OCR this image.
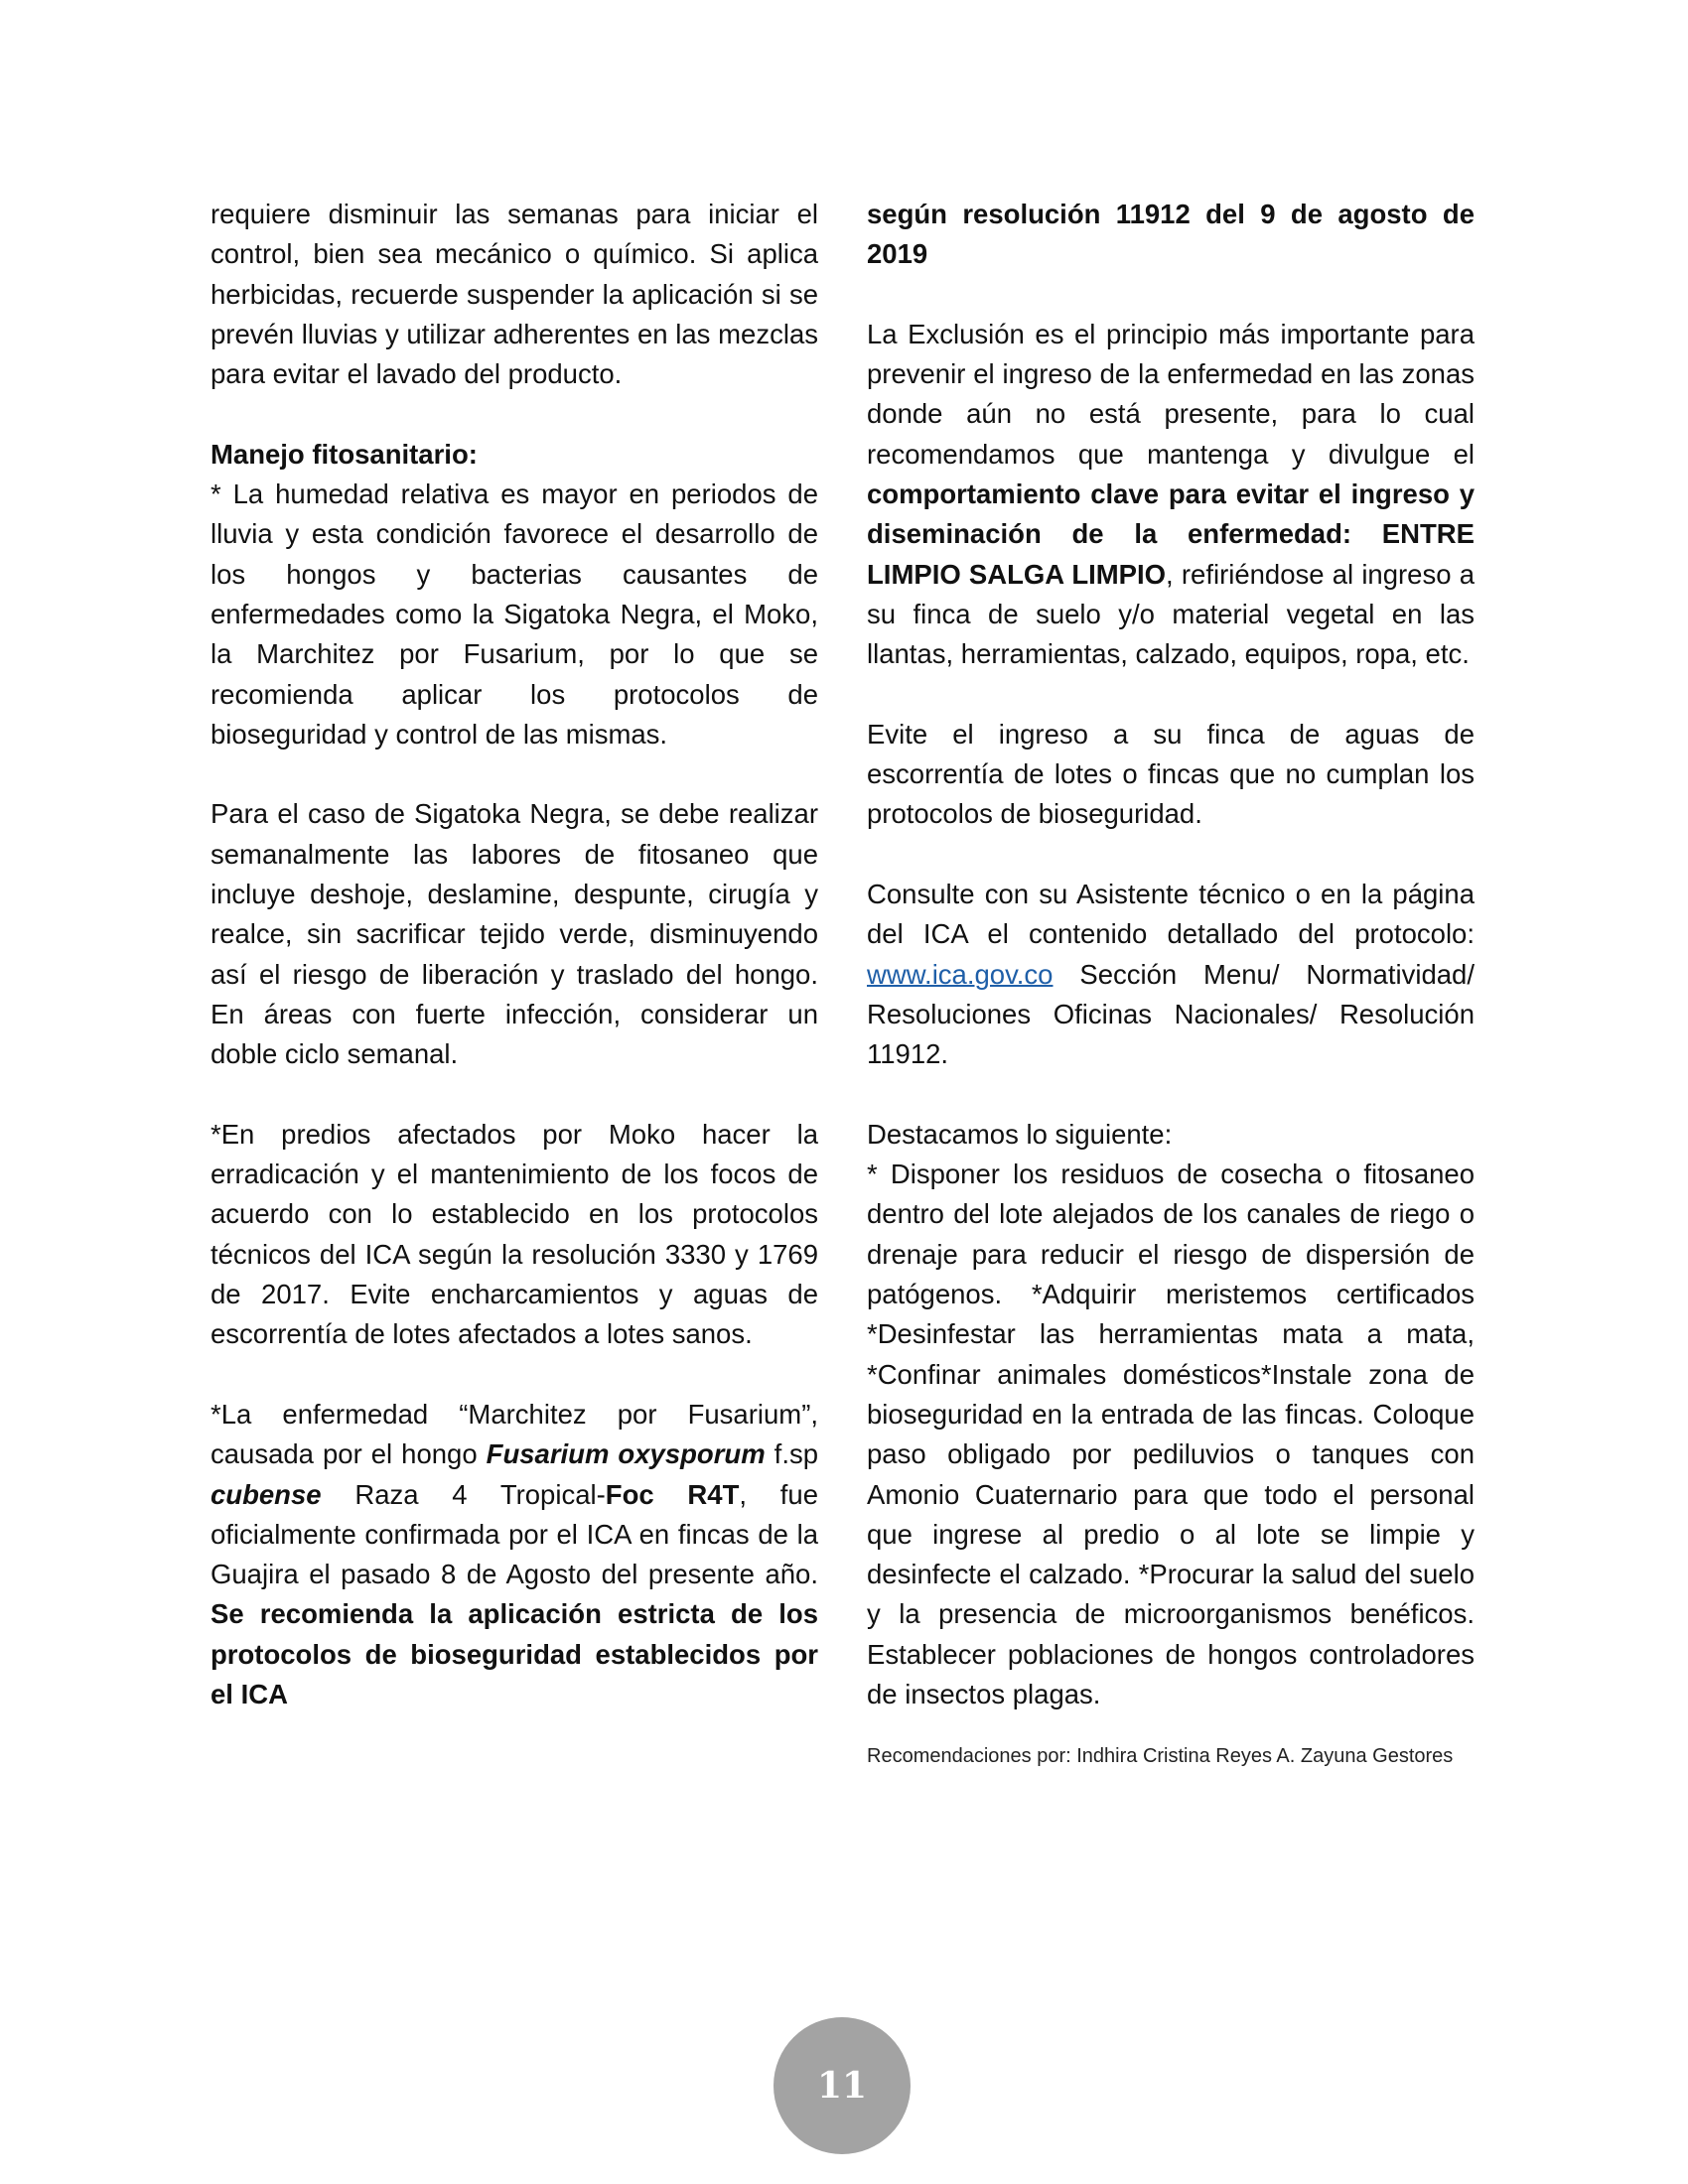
requiere disminuir las semanas para iniciar el control, bien sea mecánico o químico. Si aplica herbicidas, recuerde suspender la aplicación si se prevén lluvias y utilizar adherentes en las mezclas para evitar el lavado del producto.

Manejo fitosanitario:
* La humedad relativa es mayor en periodos de lluvia y esta condición favorece el desarrollo de los hongos y bacterias causantes de enfermedades como la Sigatoka Negra, el Moko, la Marchitez por Fusarium, por lo que se recomienda aplicar los protocolos de bioseguridad y control de las mismas.

Para el caso de Sigatoka Negra, se debe realizar semanalmente las labores de fitosaneo que incluye deshoje, deslamine, despunte, cirugía y realce, sin sacrificar tejido verde, disminuyendo así el riesgo de liberación y traslado del hongo. En áreas con fuerte infección, considerar un doble ciclo semanal.

*En predios afectados por Moko hacer la erradicación y el mantenimiento de los focos de acuerdo con lo establecido en los protocolos técnicos del ICA según la resolución 3330 y 1769 de 2017. Evite encharcamientos y aguas de escorrentía de lotes afectados a lotes sanos.

*La enfermedad “Marchitez por Fusarium”, causada por el hongo Fusarium oxysporum f.sp cubense Raza 4 Tropical-Foc R4T, fue oficialmente confirmada por el ICA en fincas de la Guajira el pasado 8 de Agosto del presente año. Se recomienda la aplicación estricta de los protocolos de bioseguridad establecidos por el ICA

según resolución 11912 del 9 de agosto de 2019

La Exclusión es el principio más importante para prevenir el ingreso de la enfermedad en las zonas donde aún no está presente, para lo cual recomendamos que mantenga y divulgue el comportamiento clave para evitar el ingreso y diseminación de la enfermedad: ENTRE LIMPIO SALGA LIMPIO, refiriéndose al ingreso a su finca de suelo y/o material vegetal en las llantas, herramientas, calzado, equipos, ropa, etc.

Evite el ingreso a su finca de aguas de escorrentía de lotes o fincas que no cumplan los protocolos de bioseguridad.

Consulte con su Asistente técnico o en la página del ICA el contenido detallado del protocolo: www.ica.gov.co Sección Menu/ Normatividad/ Resoluciones Oficinas Nacionales/ Resolución 11912.

Destacamos lo siguiente:
* Disponer los residuos de cosecha o fitosaneo dentro del lote alejados de los canales de riego o drenaje para reducir el riesgo de dispersión de patógenos. *Adquirir meristemos certificados *Desinfestar las herramientas mata a mata, *Confinar animales domésticos*Instale zona de bioseguridad en la entrada de las fincas. Coloque paso obligado por pediluvios o tanques con Amonio Cuaternario para que todo el personal que ingrese al predio o al lote se limpie y desinfecte el calzado. *Procurar la salud del suelo y la presencia de microorganismos benéficos. Establecer poblaciones de hongos controladores de insectos plagas.

Recomendaciones por: Indhira Cristina Reyes A. Zayuna Gestores

11
